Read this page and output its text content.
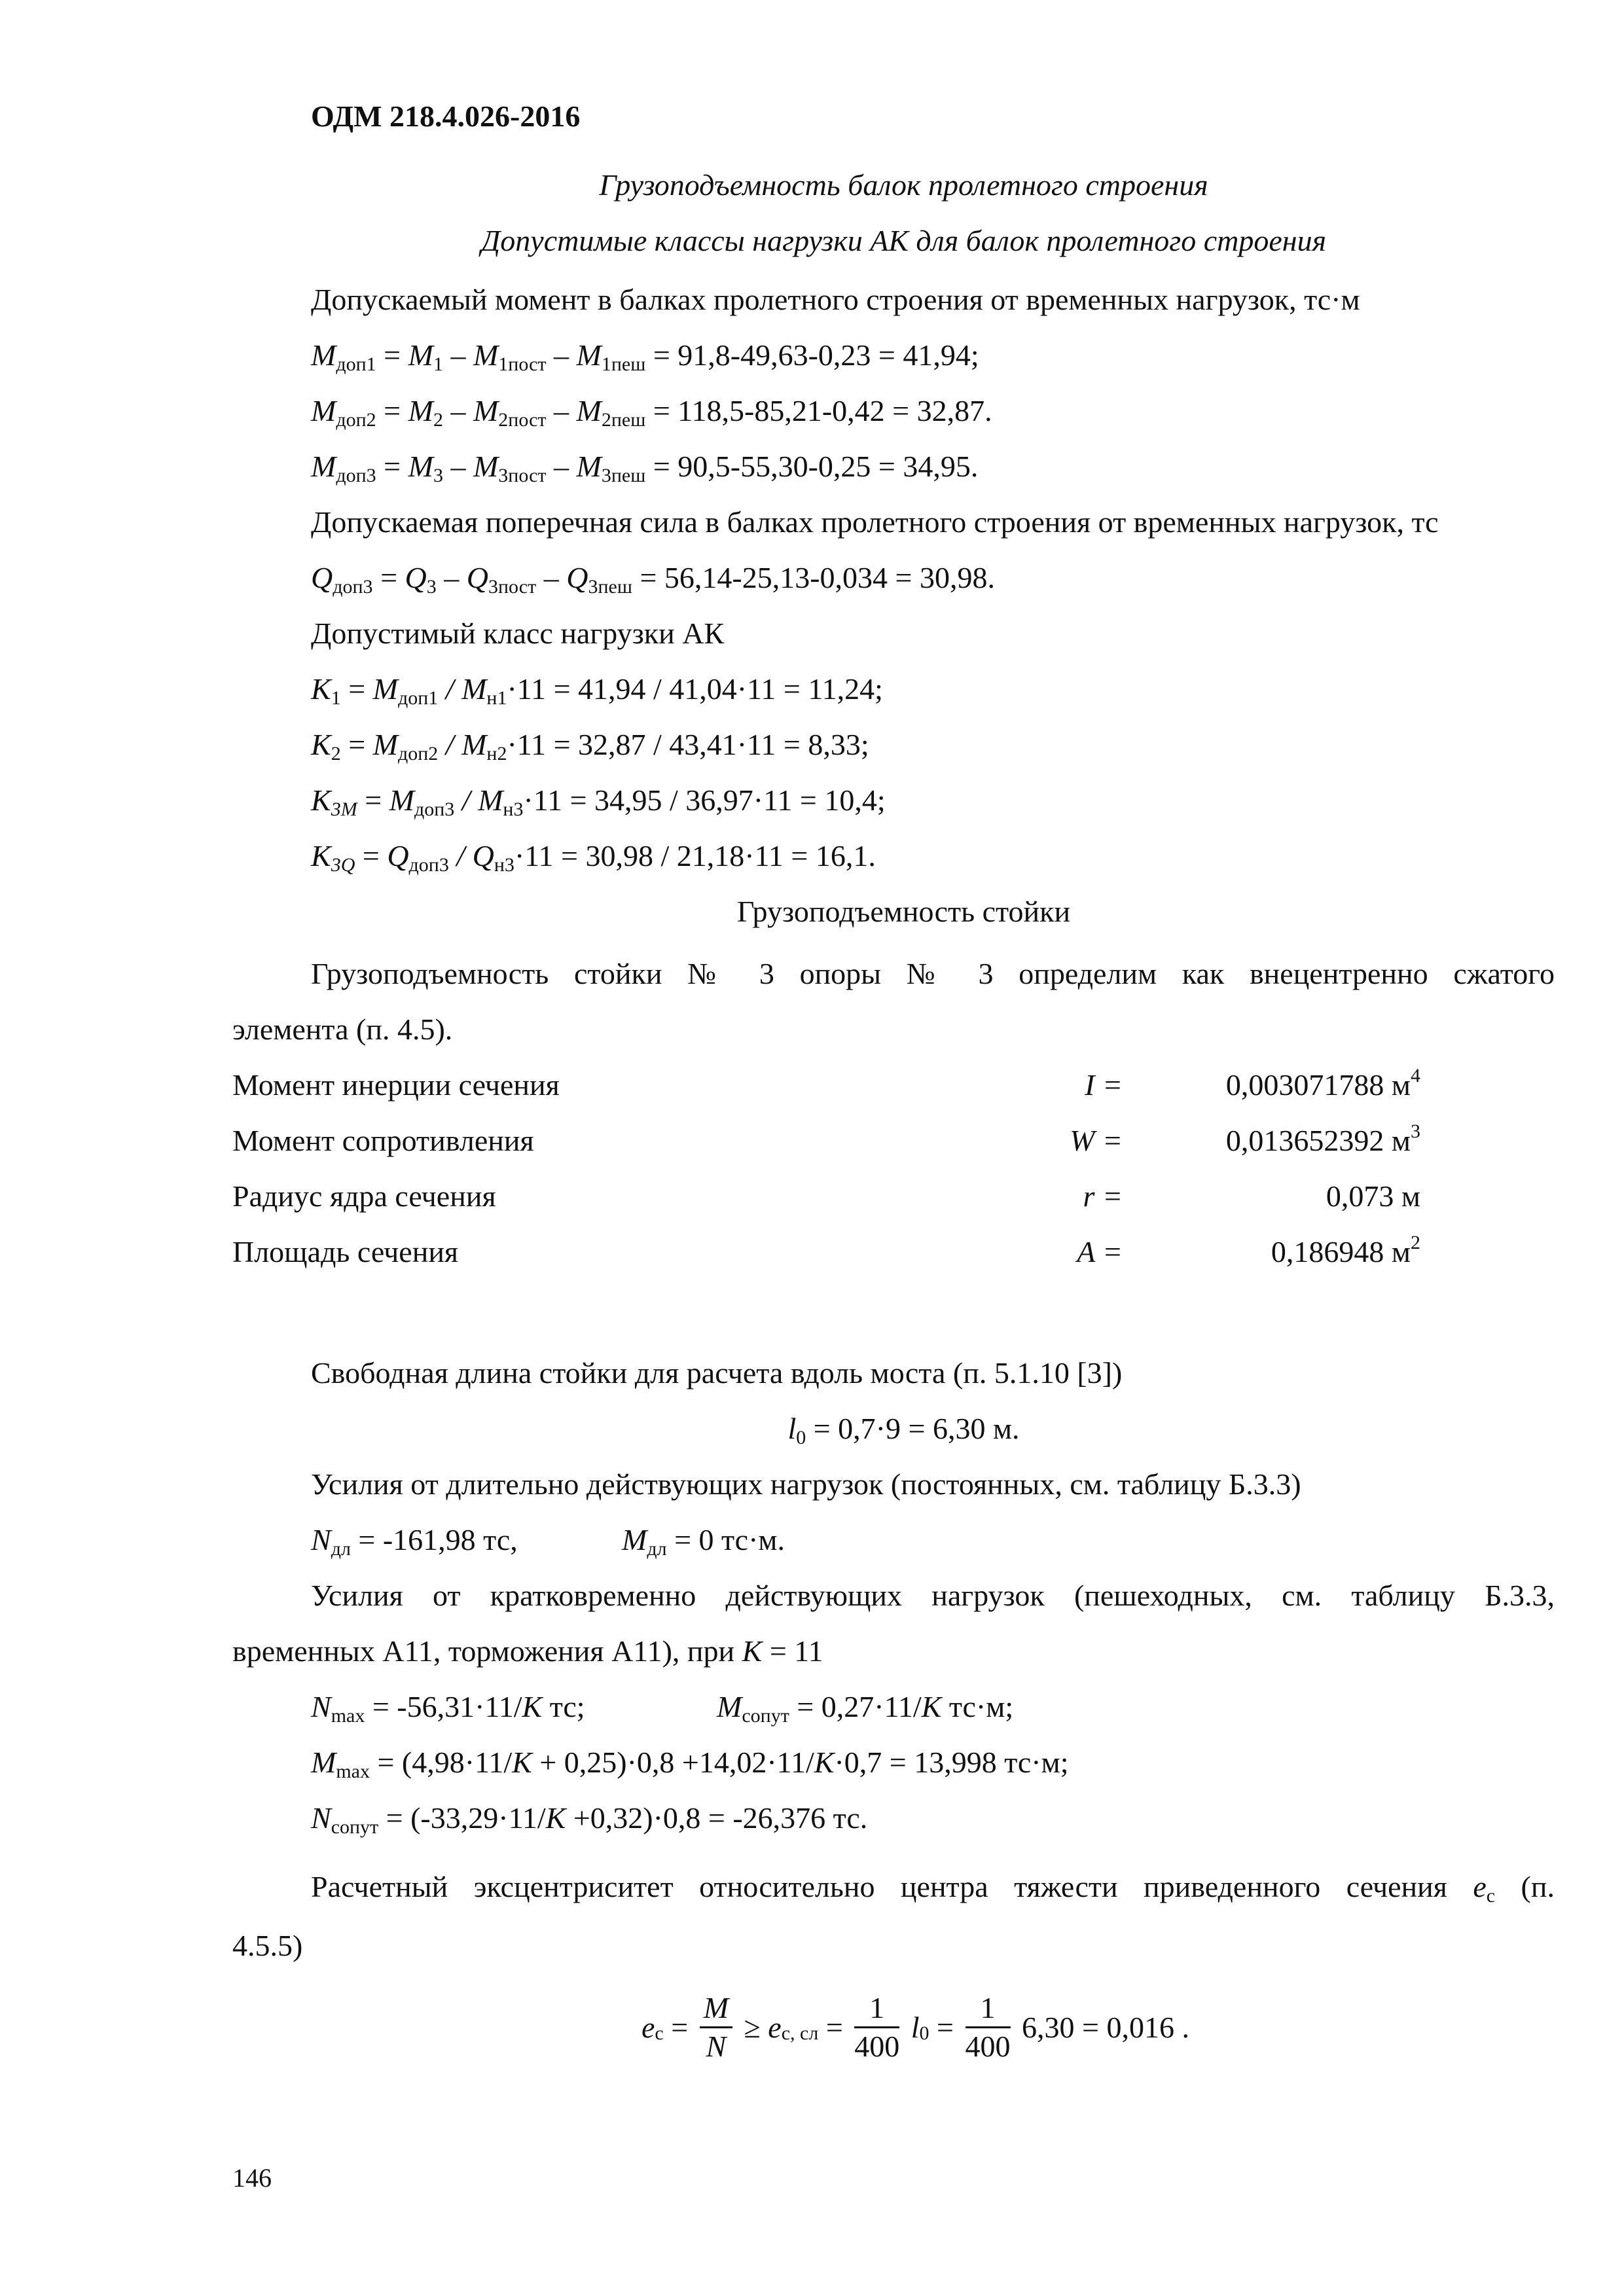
ОДМ 218.4.026-2016
Грузоподъемность балок пролетного строения
Допустимые классы нагрузки АК для балок пролетного строения
Допускаемый момент в балках пролетного строения от временных нагрузок, тс·м
$M_{доп1} = M_1 - M_{1пост} - M_{1пеш} = 91,8-49,63-0,23 = 41,94$;
$M_{доп2} = M_2 - M_{2пост} - M_{2пеш} = 118,5-85,21-0,42 = 32,87$.
$M_{доп3} = M_3 - M_{3пост} - M_{3пеш} = 90,5-55,30-0,25 = 34,95$.
Допускаемая поперечная сила в балках пролетного строения от временных нагрузок, тс
$Q_{доп3} = Q_3 - Q_{3пост} - Q_{3пеш} = 56,14-25,13-0,034 = 30,98$.
Допустимый класс нагрузки АК
$K_1 = M_{доп1} / M_{н1}\cdot 11 = 41,94 / 41,04\cdot 11 = 11,24$;
$K_2 = M_{доп2} / M_{н2}\cdot 11 = 32,87 / 43,41\cdot 11 = 8,33$;
$K_{3M} = M_{доп3} / M_{н3}\cdot 11 = 34,95 / 36,97\cdot 11 = 10,4$;
$K_{3Q} = Q_{доп3} / Q_{н3}\cdot 11 = 30,98 / 21,18\cdot 11 = 16,1$.
Грузоподъемность стойки
Грузоподъемность стойки № 3 опоры № 3 определим как внецентренно сжатого
элемента (п. 4.5).
Момент инерции сечения	I =	0,003071788 $м^4$
Момент сопротивления	W =	0,013652392 $м^3$
Радиус ядра сечения	r =	0,073 м
Площадь сечения	A =	0,186948 $м^2$
Свободная длина стойки для расчета вдоль моста (п. 5.1.10 [3])
$l_0 = 0,7\cdot 9 = 6,30$ м.
Усилия от длительно действующих нагрузок (постоянных, см. таблицу Б.3.3)
$N_{дл} = -161,98$ тс,	$M_{дл} = 0$ тс·м.
Усилия от кратковременно действующих нагрузок (пешеходных, см. таблицу Б.3.3,
временных А11, торможения А11), при K = 11
$N_{max} = -56,31\cdot 11/K$ тс;	$M_{сопут} = 0,27\cdot 11/K$ тс·м;
$M_{max} = (4,98\cdot 11/K + 0,25)\cdot 0,8 +14,02\cdot 11/K\cdot 0,7 = 13,998$ тс·м;
$N_{сопут} = (-33,29\cdot 11/K +0,32)\cdot 0,8 = -26,376$ тс.
Расчетный эксцентриситет относительно центра тяжести приведенного сечения $e_с$ (п.
4.5.5)
$e_с = \frac{M}{N} \ge e_{с, сл} = \frac{1}{400} l_0 = \frac{1}{400} 6,30 = 0,016$ .
146
